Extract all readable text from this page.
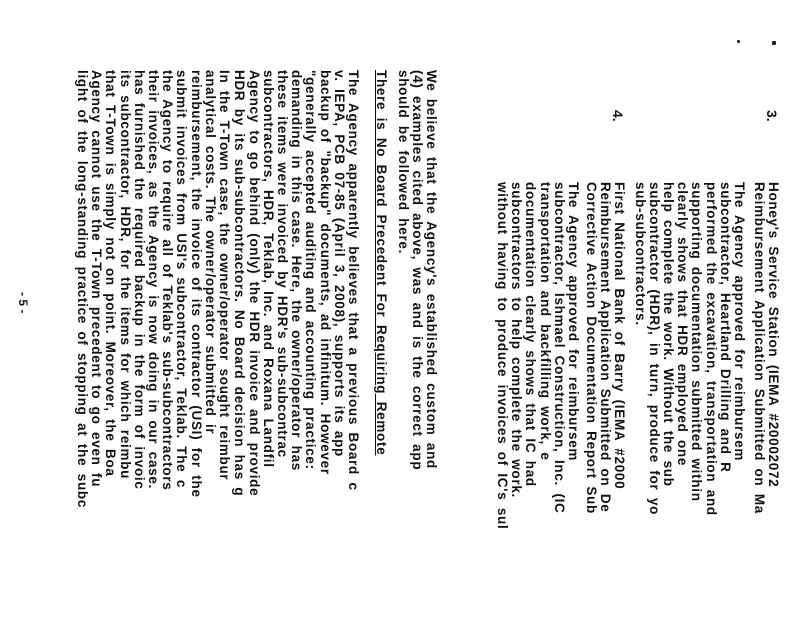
3.
Honey's Service Station (IEMA #20002072
Reimbursement Application Submitted on Ma
The Agency approved for reimbursem
subcontractor, Heartland Drilling and R
performed the excavation, transportation and
supporting documentation submitted within
clearly shows that HDR employed one
help complete the work. Without the sub
subcontractor (HDR), in turn, produce for yo
sub-subcontractors.
4.
First National Bank of Barry (IEMA #2000
Reimbursement Application Submitted on De
Corrective Action Documentation Report Sub
The Agency approved for reimbursem
subcontractor, Ishmael Construction, Inc. (IC
transportation and backfilling work, e
documentation clearly shows that IC had
subcontractors to help complete the work.
without having to produce invoices of IC's sul
We believe that the Agency's established custom and
(4) examples cited above, was and is the correct app
should be followed here.
There is No Board Precedent For Requiring Remote
The Agency apparently believes that a previous Board c
v. IEPA, PCB 07-85 (April 3, 2008), supports its app
backup of "backup" documents, ad infinitum. However
"generally accepted auditing and accounting practice:
demanding in this case. Here, the owner/operator has
these items were invoiced by HDR's sub-subcontrac
subcontractors, HDR, Teklab, Inc. and Roxana Landfil
Agency to go behind (only) the HDR invoice and provide
HDR by its sub-subcontractors. No Board decision has g
In the T-Town case, the owner/operator sought reimbur
analytical costs. The owner/operator submitted ir
reimbursement, the invoice of its contractor (USI) for the
submit invoices from USI's subcontractor, Teklab. The c
the Agency to require all of Teklab's sub-subcontractors
their invoices, as the Agency is now doing in our case.
has furnished the required backup in the form of invoic
its subcontractor, HDR, for the items for which reimbu
that T-Town is simply not on point. Moreover, the Boa
Agency cannot use the T-Town precedent to go even fu
light of the long-standing practice of stopping at the subc
- 5 -
